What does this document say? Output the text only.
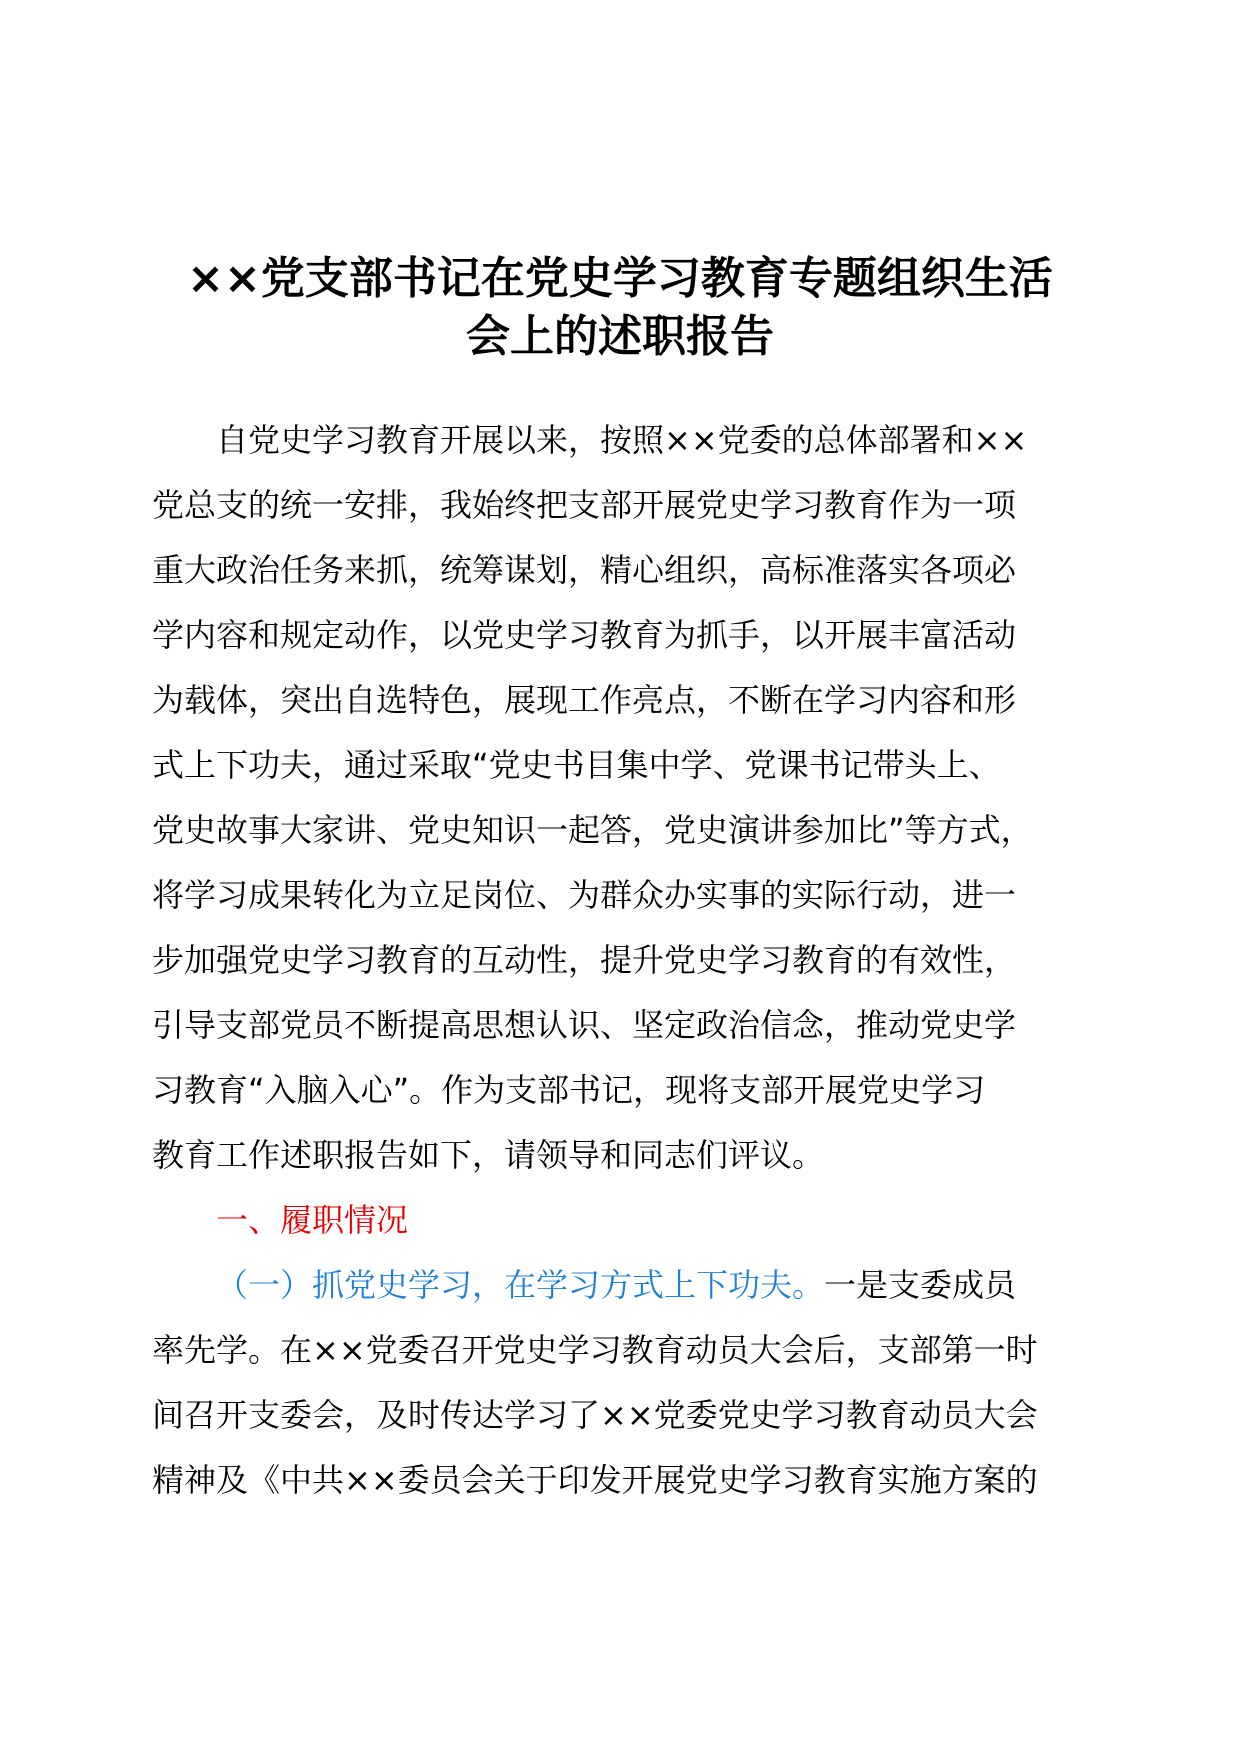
××党支部书记在党史学习教育专题组织生活
会上的述职报告
自党史学习教育开展以来，按照××党委的总体部署和××
党总支的统一安排，我始终把支部开展党史学习教育作为一项
重大政治任务来抓，统筹谋划，精心组织，高标准落实各项必
学内容和规定动作，以党史学习教育为抓手，以开展丰富活动
为载体，突出自选特色，展现工作亮点，不断在学习内容和形
式上下功夫，通过采取“党史书目集中学、党课书记带头上、
党史故事大家讲、党史知识一起答，党史演讲参加比”等方式，
将学习成果转化为立足岗位、为群众办实事的实际行动，进一
步加强党史学习教育的互动性，提升党史学习教育的有效性，
引导支部党员不断提高思想认识、坚定政治信念，推动党史学
习教育“入脑入心”。作为支部书记，现将支部开展党史学习
教育工作述职报告如下，请领导和同志们评议。
一、履职情况
（一）抓党史学习，在学习方式上下功夫。一是支委成员
率先学。在××党委召开党史学习教育动员大会后，支部第一时
间召开支委会，及时传达学习了××党委党史学习教育动员大会
精神及《中共××委员会关于印发开展党史学习教育实施方案的
